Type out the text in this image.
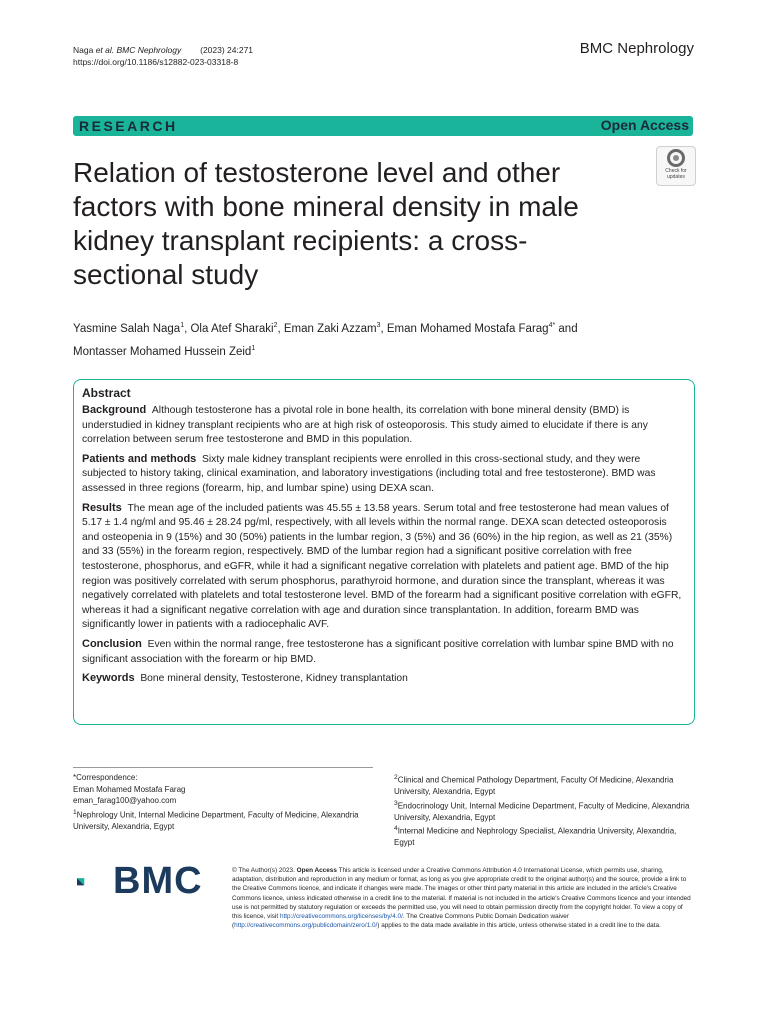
Naga et al. BMC Nephrology (2023) 24:271
https://doi.org/10.1186/s12882-023-03318-8
BMC Nephrology
RESEARCH	Open Access
Relation of testosterone level and other factors with bone mineral density in male kidney transplant recipients: a cross-sectional study
Check for
updates
Yasmine Salah Naga$^1$, Ola Atef Sharaki$^2$, Eman Zaki Azzam$^3$, Eman Mohamed Mostafa Farag$^{4*}$ and
Montasser Mohamed Hussein Zeid$^1$
Abstract

Background Although testosterone has a pivotal role in bone health, its correlation with bone mineral density (BMD) is understudied in kidney transplant recipients who are at high risk of osteoporosis. This study aimed to elucidate if there is any correlation between serum free testosterone and BMD in this population.

Patients and methods Sixty male kidney transplant recipients were enrolled in this cross-sectional study, and they were subjected to history taking, clinical examination, and laboratory investigations (including total and free testosterone). BMD was assessed in three regions (forearm, hip, and lumbar spine) using DEXA scan.

Results The mean age of the included patients was 45.55 ± 13.58 years. Serum total and free testosterone had mean values of 5.17 ± 1.4 ng/ml and 95.46 ± 28.24 pg/ml, respectively, with all levels within the normal range. DEXA scan detected osteoporosis and osteopenia in 9 (15%) and 30 (50%) patients in the lumbar region, 3 (5%) and 36 (60%) in the hip region, as well as 21 (35%) and 33 (55%) in the forearm region, respectively. BMD of the lumbar region had a significant positive correlation with free testosterone, phosphorus, and eGFR, while it had a significant negative correlation with platelets and patient age. BMD of the hip region was positively correlated with serum phosphorus, parathyroid hormone, and duration since the transplant, whereas it was negatively correlated with platelets and total testosterone level. BMD of the forearm had a significant positive correlation with eGFR, whereas it had a significant negative correlation with age and duration since transplantation. In addition, forearm BMD was significantly lower in patients with a radiocephalic AVF.

Conclusion Even within the normal range, free testosterone has a significant positive correlation with lumbar spine BMD with no significant association with the forearm or hip BMD.

Keywords Bone mineral density, Testosterone, Kidney transplantation

*Correspondence:
Eman Mohamed Mostafa Farag
eman_farag100@yahoo.com
$^1$Nephrology Unit, Internal Medicine Department, Faculty of Medicine, Alexandria University, Alexandria, Egypt
$^2$Clinical and Chemical Pathology Department, Faculty Of Medicine, Alexandria University, Alexandria, Egypt
$^3$Endocrinology Unit, Internal Medicine Department, Faculty of Medicine, Alexandria University, Alexandria, Egypt
$^4$Internal Medicine and Nephrology Specialist, Alexandria University, Alexandria, Egypt
BMC	© The Author(s) 2023. Open Access This article is licensed under a Creative Commons Attribution 4.0 International License, which permits use, sharing, adaptation, distribution and reproduction in any medium or format, as long as you give appropriate credit to the original author(s) and the source, provide a link to the Creative Commons licence, and indicate if changes were made. The images or other third party material in this article are included in the article's Creative Commons licence, unless indicated otherwise in a credit line to the material. If material is not included in the article's Creative Commons licence and your intended use is not permitted by statutory regulation or exceeds the permitted use, you will need to obtain permission directly from the copyright holder. To view a copy of this licence, visit http://creativecommons.org/licenses/by/4.0/. The Creative Commons Public Domain Dedication waiver (http://creativecommons.org/publicdomain/zero/1.0/) applies to the data made available in this article, unless otherwise stated in a credit line to the data.
